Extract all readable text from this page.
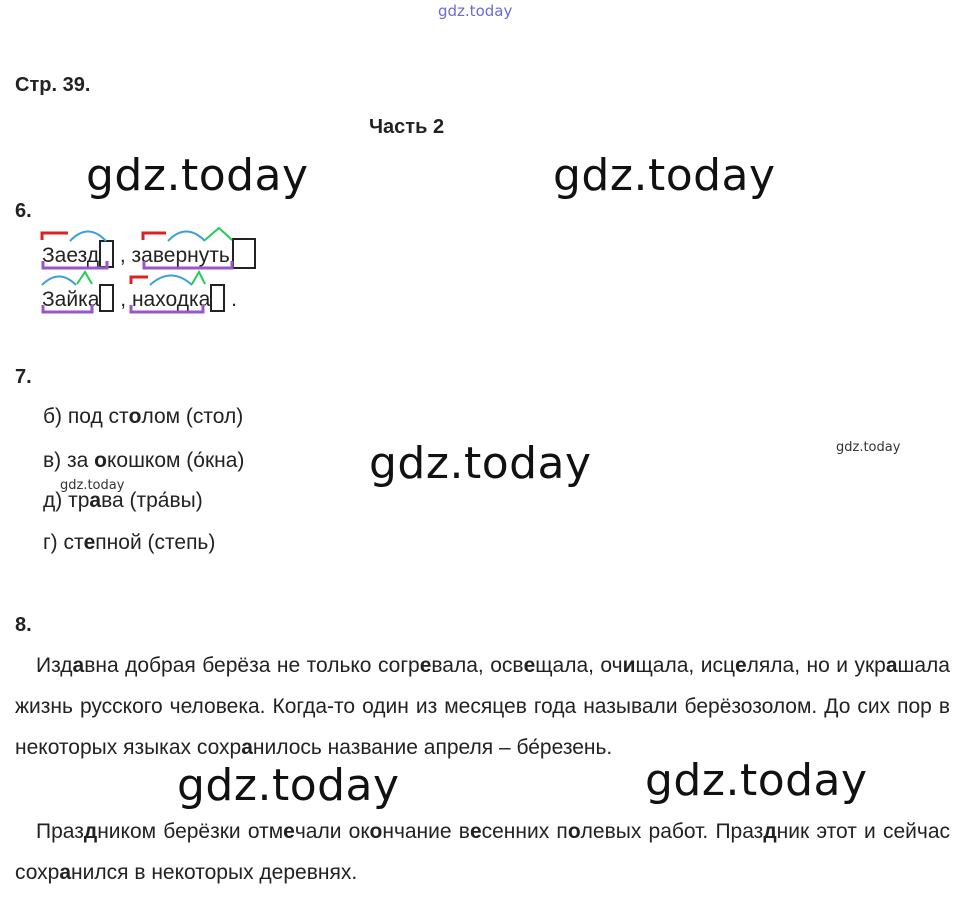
gdz.today
gdz.today	gdz.today
gdz.today	gdz.today
gdz.today
gdz.today	gdz.today
Стр. 39.
Часть 2
6.
Заезд , завернуть
Зайка , находка .
7.
б) под столом (стол)
в) за окошком (о́кна)
д) трава (тра́вы)
г) степной (степь)
8.
 Издавна добрая берёза не только согревала, освещала, очищала, исцеляла, но и украшала жизнь русского человека. Когда-то один из месяцев года называли берёзозолом. До сих пор в некоторых языках сохранилось название апреля – бе́резень.
 Праздником берёзки отмечали окончание весенних полевых работ. Праздник этот и сейчас сохранился в некоторых деревнях.
